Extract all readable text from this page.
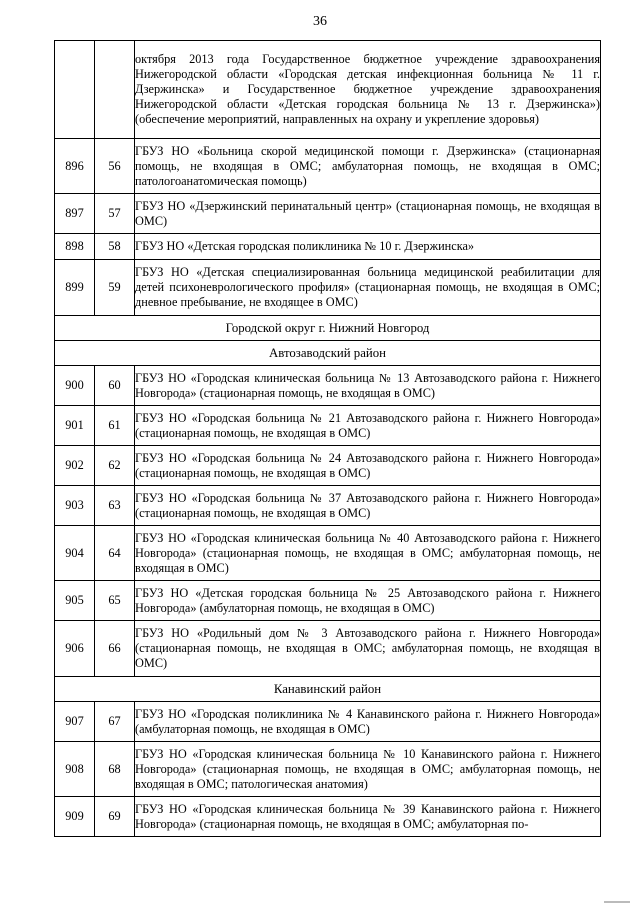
36
		октября 2013 года Государственное бюджетное учреждение здравоохранения Нижегородской области «Городская детская инфекционная больница № 11 г. Дзержинска» и Государственное бюджетное учреждение здравоохранения Нижегородской области «Детская городская больница № 13 г. Дзержинска») (обеспечение мероприятий, направленных на охрану и укрепление здоровья)
896	56	ГБУЗ НО «Больница скорой медицинской помощи г. Дзержинска» (стационарная помощь, не входящая в ОМС; амбулаторная помощь, не входящая в ОМС; патологоанатомическая помощь)
897	57	ГБУЗ НО «Дзержинский перинатальный центр» (стационарная помощь, не входящая в ОМС)
898	58	ГБУЗ НО «Детская городская поликлиника № 10 г. Дзержинска»
899	59	ГБУЗ НО «Детская специализированная больница медицинской реабилитации для детей психоневрологического профиля» (стационарная помощь, не входящая в ОМС; дневное пребывание, не входящее в ОМС)
Городской округ г. Нижний Новгород		
Автозаводский район		
900	60	ГБУЗ НО «Городская клиническая больница № 13 Автозаводского района г. Нижнего Новгорода» (стационарная помощь, не входящая в ОМС)
901	61	ГБУЗ НО «Городская больница № 21 Автозаводского района г. Нижнего Новгорода» (стационарная помощь, не входящая в ОМС)
902	62	ГБУЗ НО «Городская больница № 24 Автозаводского района г. Нижнего Новгорода» (стационарная помощь, не входящая в ОМС)
903	63	ГБУЗ НО «Городская больница № 37 Автозаводского района г. Нижнего Новгорода» (стационарная помощь, не входящая в ОМС)
904	64	ГБУЗ НО «Городская клиническая больница № 40 Автозаводского района г. Нижнего Новгорода» (стационарная помощь, не входящая в ОМС; амбулаторная помощь, не входящая в ОМС)
905	65	ГБУЗ НО «Детская городская больница № 25 Автозаводского района г. Нижнего Новгорода» (амбулаторная помощь, не входящая в ОМС)
906	66	ГБУЗ НО «Родильный дом № 3 Автозаводского района г. Нижнего Новгорода» (стационарная помощь, не входящая в ОМС; амбулаторная помощь, не входящая в ОМС)
Канавинский район		
907	67	ГБУЗ НО «Городская поликлиника № 4 Канавинского района г. Нижнего Новгорода» (амбулаторная помощь, не входящая в ОМС)
908	68	ГБУЗ НО «Городская клиническая больница № 10 Канавинского района г. Нижнего Новгорода» (стационарная помощь, не входящая в ОМС; амбулаторная помощь, не входящая в ОМС; патологическая анатомия)
909	69	ГБУЗ НО «Городская клиническая больница № 39 Канавинского района г. Нижнего Новгорода» (стационарная помощь, не входящая в ОМС; амбулаторная по-
